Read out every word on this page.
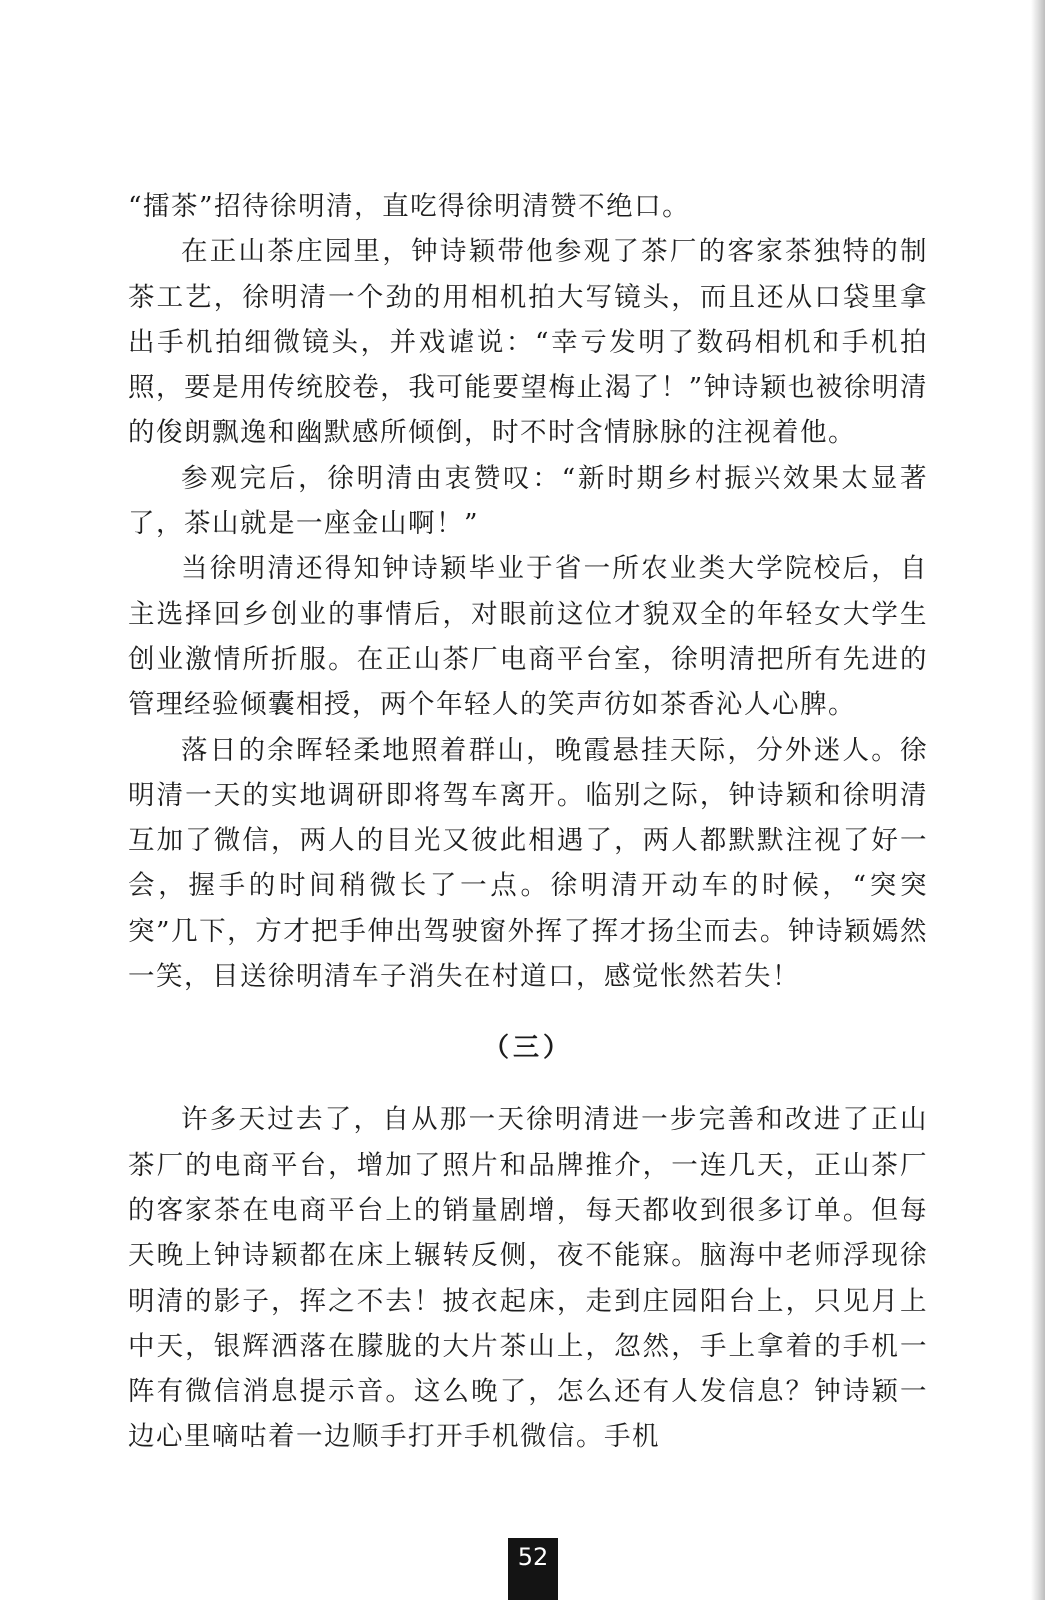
“擂茶”招待徐明清，直吃得徐明清赞不绝口。

在正山茶庄园里，钟诗颖带他参观了茶厂的客家茶独特的制茶工艺，徐明清一个劲的用相机拍大写镜头，而且还从口袋里拿出手机拍细微镜头，并戏谑说：“幸亏发明了数码相机和手机拍照，要是用传统胶卷，我可能要望梅止渴了！”钟诗颖也被徐明清的俊朗飘逸和幽默感所倾倒，时不时含情脉脉的注视着他。

参观完后，徐明清由衷赞叹：“新时期乡村振兴效果太显著了，茶山就是一座金山啊！”

当徐明清还得知钟诗颖毕业于省一所农业类大学院校后，自主选择回乡创业的事情后，对眼前这位才貌双全的年轻女大学生创业激情所折服。在正山茶厂电商平台室，徐明清把所有先进的管理经验倾囊相授，两个年轻人的笑声彷如茶香沁人心脾。

落日的余晖轻柔地照着群山，晚霞悬挂天际，分外迷人。徐明清一天的实地调研即将驾车离开。临别之际，钟诗颖和徐明清互加了微信，两人的目光又彼此相遇了，两人都默默注视了好一会，握手的时间稍微长了一点。徐明清开动车的时候，“突突突”几下，方才把手伸出驾驶窗外挥了挥才扬尘而去。钟诗颖嫣然一笑，目送徐明清车子消失在村道口，感觉怅然若失！

（三）

许多天过去了，自从那一天徐明清进一步完善和改进了正山茶厂的电商平台，增加了照片和品牌推介，一连几天，正山茶厂的客家茶在电商平台上的销量剧增，每天都收到很多订单。但每天晚上钟诗颖都在床上辗转反侧，夜不能寐。脑海中老师浮现徐明清的影子，挥之不去！披衣起床，走到庄园阳台上，只见月上中天，银辉洒落在朦胧的大片茶山上，忽然，手上拿着的手机一阵有微信消息提示音。这么晚了，怎么还有人发信息？钟诗颖一边心里嘀咕着一边顺手打开手机微信。手机

52
